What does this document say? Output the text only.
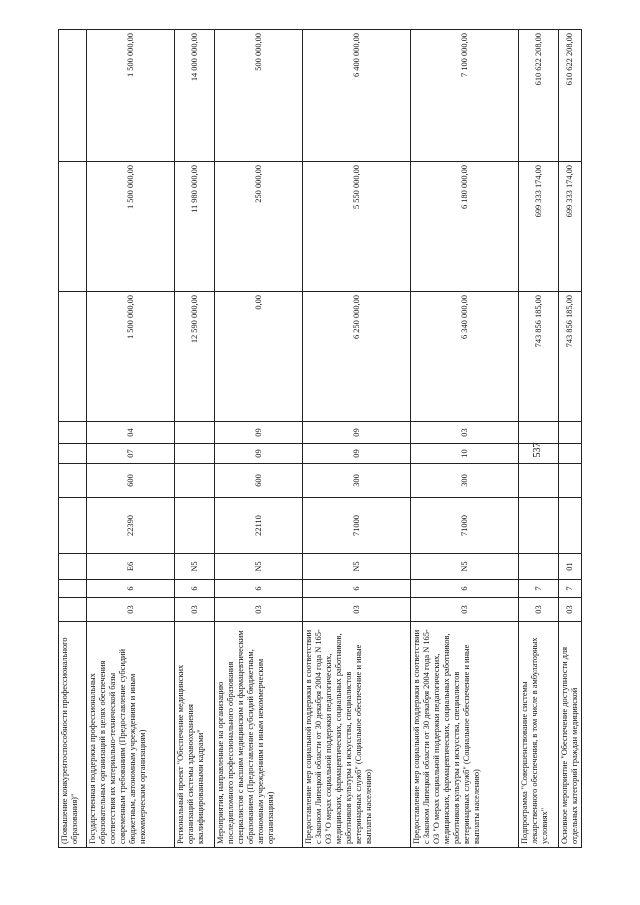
537
(Повышение конкурентоспособности профессионального образования)"										
Государственная поддержка профессиональных образовательных организаций в целях обеспечения соответствия их материально-технической базы современным требованиям (Предоставление субсидий бюджетным, автономным учреждениям и иным некоммерческим организациям)	03	6	E6	22390	600	07	04	1 500 000,00	1 500 000,00	1 500 000,00
Региональный проект "Обеспечение медицинских организаций системы здравоохранения квалифицированными кадрами"	03	6	N5					12 590 000,00	11 980 000,00	14 000 000,00
Мероприятия, направленные на организацию последипломного профессионального образования специалистов с высшим медицинским и фармацевтическим образованием (Предоставление субсидий бюджетным, автономным учреждениям и иным некоммерческим организациям)	03	6	N5	22110	600	09	09	0,00	250 000,00	500 000,00
Предоставление мер социальной поддержки в соответствии с Законом Липецкой области от 30 декабря 2004 года N 165-ОЗ "О мерах социальной поддержки педагогических, медицинских, фармацевтических, социальных работников, работников культуры и искусства, специалистов ветеринарных служб" (Социальное обеспечение и иные выплаты населению)	03	6	N5	71000	300	09	09	6 250 000,00	5 550 000,00	6 400 000,00
Предоставление мер социальной поддержки в соответствии с Законом Липецкой области от 30 декабря 2004 года N 165-ОЗ "О мерах социальной поддержки педагогических, медицинских, фармацевтических, социальных работников, работников культуры и искусства, специалистов ветеринарных служб" (Социальное обеспечение и иные выплаты населению)	03	6	N5	71000	300	10	03	6 340 000,00	6 180 000,00	7 100 000,00
Подпрограмма "Совершенствование системы лекарственного обеспечения, в том числе в амбулаторных условиях"	03	7						743 856 185,00	699 333 174,00	610 622 208,00
Основное мероприятие "Обеспечение доступности для отдельных категорий граждан медицинской	03	7	01					743 856 185,00	699 333 174,00	610 622 208,00
